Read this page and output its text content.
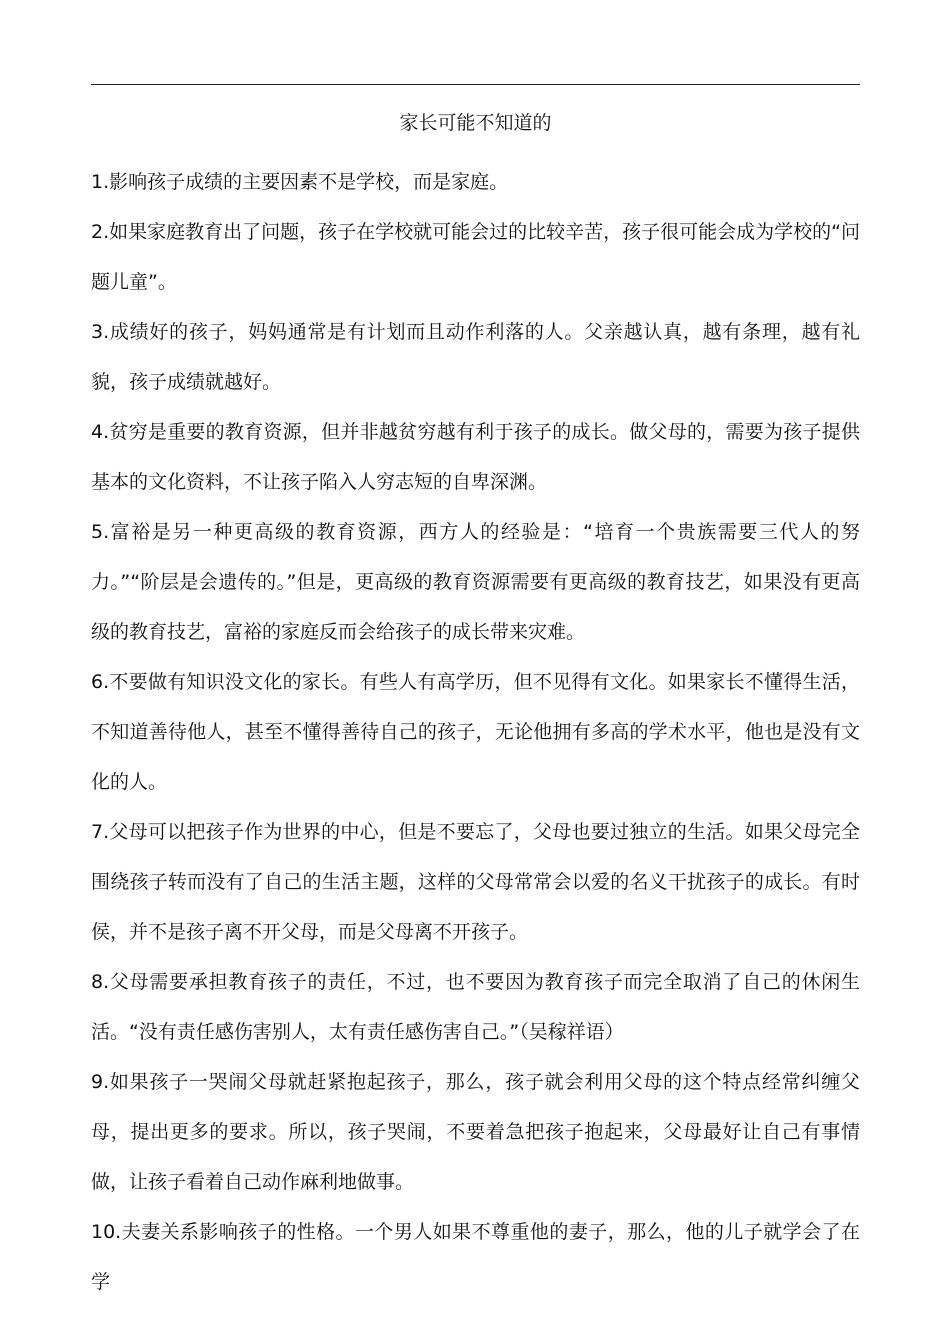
家长可能不知道的

1.影响孩子成绩的主要因素不是学校，而是家庭。

2.如果家庭教育出了问题，孩子在学校就可能会过的比较辛苦，孩子很可能会成为学校的“问题儿童”。

3.成绩好的孩子，妈妈通常是有计划而且动作利落的人。父亲越认真，越有条理，越有礼貌，孩子成绩就越好。

4.贫穷是重要的教育资源，但并非越贫穷越有利于孩子的成长。做父母的，需要为孩子提供基本的文化资料，不让孩子陷入人穷志短的自卑深渊。

5.富裕是另一种更高级的教育资源，西方人的经验是：“培育一个贵族需要三代人的努力。”“阶层是会遗传的。”但是，更高级的教育资源需要有更高级的教育技艺，如果没有更高级的教育技艺，富裕的家庭反而会给孩子的成长带来灾难。

6.不要做有知识没文化的家长。有些人有高学历，但不见得有文化。如果家长不懂得生活，不知道善待他人，甚至不懂得善待自己的孩子，无论他拥有多高的学术水平，他也是没有文化的人。

7.父母可以把孩子作为世界的中心，但是不要忘了，父母也要过独立的生活。如果父母完全围绕孩子转而没有了自己的生活主题，这样的父母常常会以爱的名义干扰孩子的成长。有时侯，并不是孩子离不开父母，而是父母离不开孩子。

8.父母需要承担教育孩子的责任，不过，也不要因为教育孩子而完全取消了自己的休闲生活。“没有责任感伤害别人，太有责任感伤害自己。”（吴稼祥语）

9.如果孩子一哭闹父母就赶紧抱起孩子，那么，孩子就会利用父母的这个特点经常纠缠父母，提出更多的要求。所以，孩子哭闹，不要着急把孩子抱起来，父母最好让自己有事情做，让孩子看着自己动作麻利地做事。

10.夫妻关系影响孩子的性格。一个男人如果不尊重他的妻子，那么，他的儿子就学会了在学
